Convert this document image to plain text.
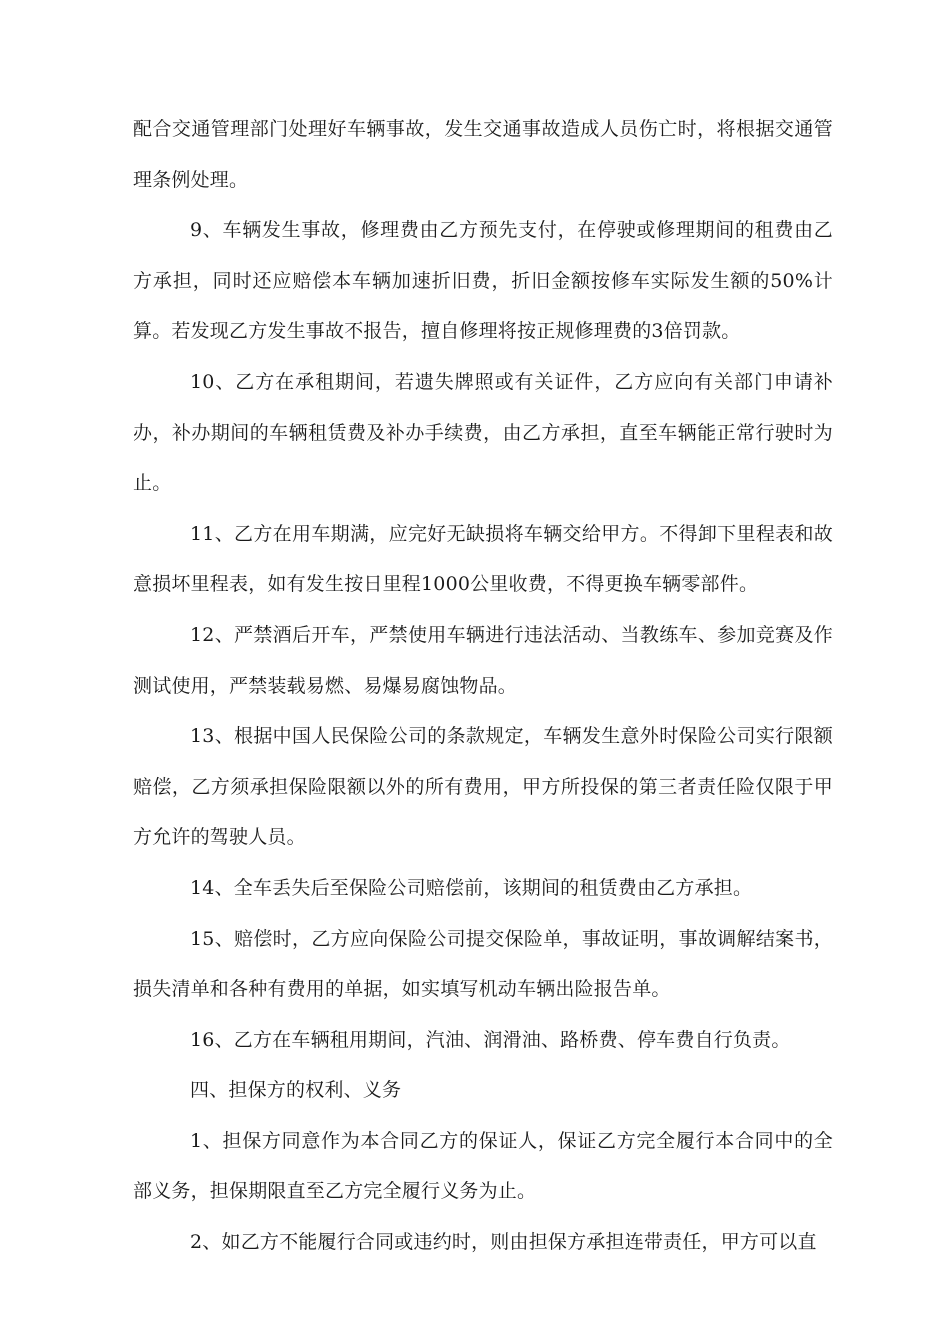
配合交通管理部门处理好车辆事故，发生交通事故造成人员伤亡时，将根据交通管理条例处理。

9、车辆发生事故，修理费由乙方预先支付，在停驶或修理期间的租费由乙方承担，同时还应赔偿本车辆加速折旧费，折旧金额按修车实际发生额的50%计算。若发现乙方发生事故不报告，擅自修理将按正规修理费的3倍罚款。

10、乙方在承租期间，若遗失牌照或有关证件，乙方应向有关部门申请补办，补办期间的车辆租赁费及补办手续费，由乙方承担，直至车辆能正常行驶时为止。

11、乙方在用车期满，应完好无缺损将车辆交给甲方。不得卸下里程表和故意损坏里程表，如有发生按日里程1000公里收费，不得更换车辆零部件。

12、严禁酒后开车，严禁使用车辆进行违法活动、当教练车、参加竞赛及作测试使用，严禁装载易燃、易爆易腐蚀物品。

13、根据中国人民保险公司的条款规定，车辆发生意外时保险公司实行限额赔偿，乙方须承担保险限额以外的所有费用，甲方所投保的第三者责任险仅限于甲方允许的驾驶人员。

14、全车丢失后至保险公司赔偿前，该期间的租赁费由乙方承担。

15、赔偿时，乙方应向保险公司提交保险单，事故证明，事故调解结案书，损失清单和各种有费用的单据，如实填写机动车辆出险报告单。

16、乙方在车辆租用期间，汽油、润滑油、路桥费、停车费自行负责。

四、担保方的权利、义务

1、担保方同意作为本合同乙方的保证人，保证乙方完全履行本合同中的全部义务，担保期限直至乙方完全履行义务为止。

2、如乙方不能履行合同或违约时，则由担保方承担连带责任，甲方可以直
